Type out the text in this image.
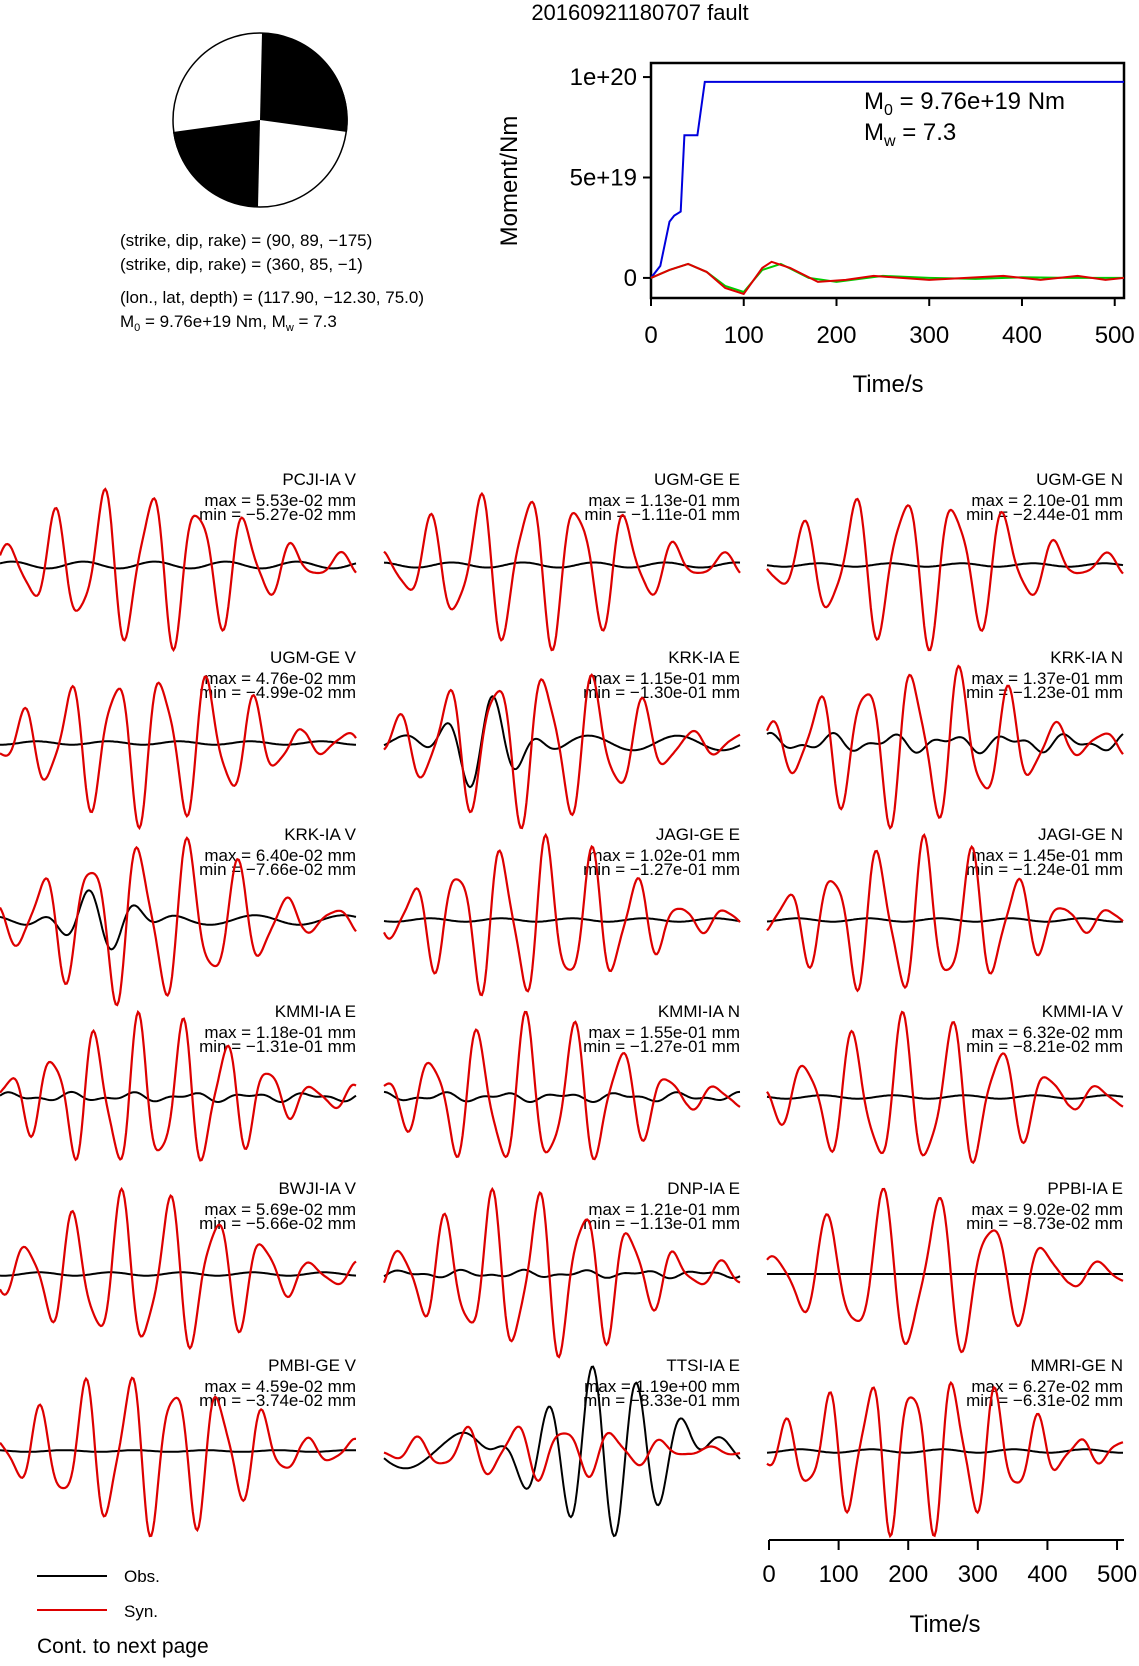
20160921180707 fault
(strike, dip, rake) = (90, 89, −175)
(strike, dip, rake) = (360, 85, −1)
(lon., lat, depth) = (117.90, −12.30, 75.0)
$M_0 = 9.76e+19$ Nm, $M_w = 7.3$
Moment/Nm
Time/s
$M_0 = 9.76e+19$ Nm
$M_w = 7.3$
0
5e+19
1e+20
0	100 200 300 400 500
PCJI-IA V
max = 5.53e-02 mm
min = −5.27e-02 mm
UGM-GE E
max = 1.13e-01 mm
min = −1.11e-01 mm
UGM-GE N
max = 2.10e-01 mm
min = −2.44e-01 mm
UGM-GE V
max = 4.76e-02 mm
min = −4.99e-02 mm
KRK-IA E
max = 1.15e-01 mm
min = −1.30e-01 mm
KRK-IA N
max = 1.37e-01 mm
min = −1.23e-01 mm
KRK-IA V
max = 6.40e-02 mm
min = −7.66e-02 mm
JAGI-GE E
max = 1.02e-01 mm
min = −1.27e-01 mm
JAGI-GE N
max = 1.45e-01 mm
min = −1.24e-01 mm
KMMI-IA E
max = 1.18e-01 mm
min = −1.31e-01 mm
KMMI-IA N
max = 1.55e-01 mm
min = −1.27e-01 mm
KMMI-IA V
max = 6.32e-02 mm
min = −8.21e-02 mm
BWJI-IA V
max = 5.69e-02 mm
min = −5.66e-02 mm
DNP-IA E
max = 1.21e-01 mm
min = −1.13e-01 mm
PPBI-IA E
max = 9.02e-02 mm
min = −8.73e-02 mm
PMBI-GE V
max = 4.59e-02 mm
min = −3.74e-02 mm
TTSI-IA E
max = 1.19e+00 mm
min = −8.33e-01 mm
MMRI-GE N
max = 6.27e-02 mm
min = −6.31e-02 mm
Time/s
0 100 200 300 400 500
Obs.
Syn.
Cont. to next page
